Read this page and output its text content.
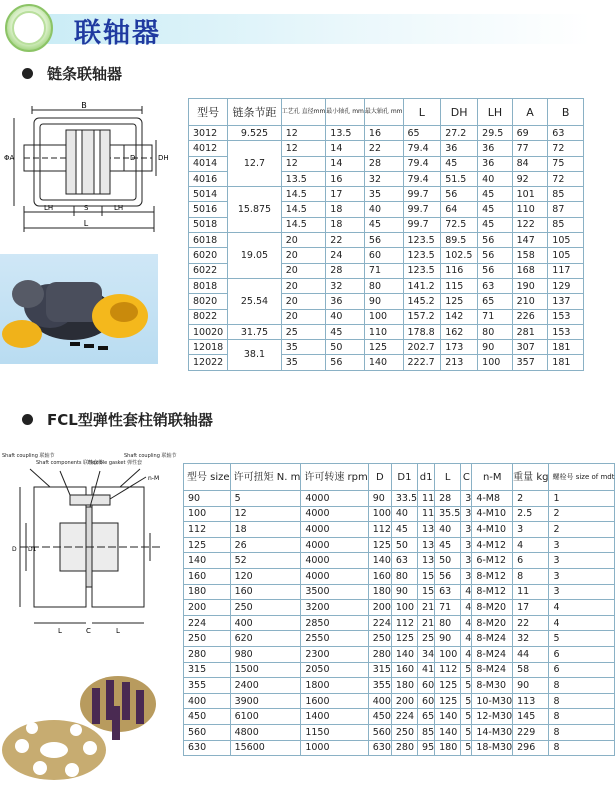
联轴器
链条联轴器
B
DH
D
ΦA
LH	S	LH
L
型号	链条节距	工艺孔 直径mm	最小轴孔 mm	最大轴孔 mm	L	DH	LH	A	B
3012	9.525	12	13.5	16	65	27.2	29.5	69	63
4012	12.7	12	14	22	79.4	36	36	77	72
4014		12	14	28	79.4	45	36	84	75
4016		13.5	16	32	79.4	51.5	40	92	72
5014	15.875	14.5	17	35	99.7	56	45	101	85
5016		14.5	18	40	99.7	64	45	110	87
5018		14.5	18	45	99.7	72.5	45	122	85
6018	19.05	20	22	56	123.5	89.5	56	147	105
6020		20	24	60	123.5	102.5	56	158	105
6022		20	28	71	123.5	116	56	168	117
8018	25.54	20	32	80	141.2	115	63	190	129
8020		20	36	90	145.2	125	65	210	137
8022		20	40	100	157.2	142	71	226	153
10020	31.75	25	45	110	178.8	162	80	281	153
12018	38.1	35	50	125	202.7	173	90	307	181
12022		35	56	140	222.7	213	100	357	181
FCL型弹性套柱销联轴器
Shaft coupling 联轴节
Shaft components 联轴套件
Flexible gasket 弹性套
Shaft coupling 联轴节
n-M
D D1
L	C	L
型号 size	许可扭矩 N. m	许可转速 rpm	D	D1	d1	L	C	n-M	重量 kg	螺栓号 size of mdt
90	5	4000	90	33.5	11	28	3	4-M8	2	1
100	12	4000	100	40	11	35.5	3	4-M10	2.5	2
112	18	4000	112	45	13	40	3	4-M10	3	2
125	26	4000	125	50	13	45	3	4-M12	4	3
140	52	4000	140	63	13	50	3	6-M12	6	3
160	120	4000	160	80	15	56	3	8-M12	8	3
180	160	3500	180	90	15	63	4	8-M12	11	3
200	250	3200	200	100	21	71	4	8-M20	17	4
224	400	2850	224	112	21	80	4	8-M20	22	4
250	620	2550	250	125	25	90	4	8-M24	32	5
280	980	2300	280	140	34	100	4	8-M24	44	6
315	1500	2050	315	160	41	112	5	8-M24	58	6
355	2400	1800	355	180	60	125	5	8-M30	90	8
400	3900	1600	400	200	60	125	5	10-M30	113	8
450	6100	1400	450	224	65	140	5	12-M30	145	8
560	4800	1150	560	250	85	140	5	14-M30	229	8
630	15600	1000	630	280	95	180	5	18-M30	296	8
